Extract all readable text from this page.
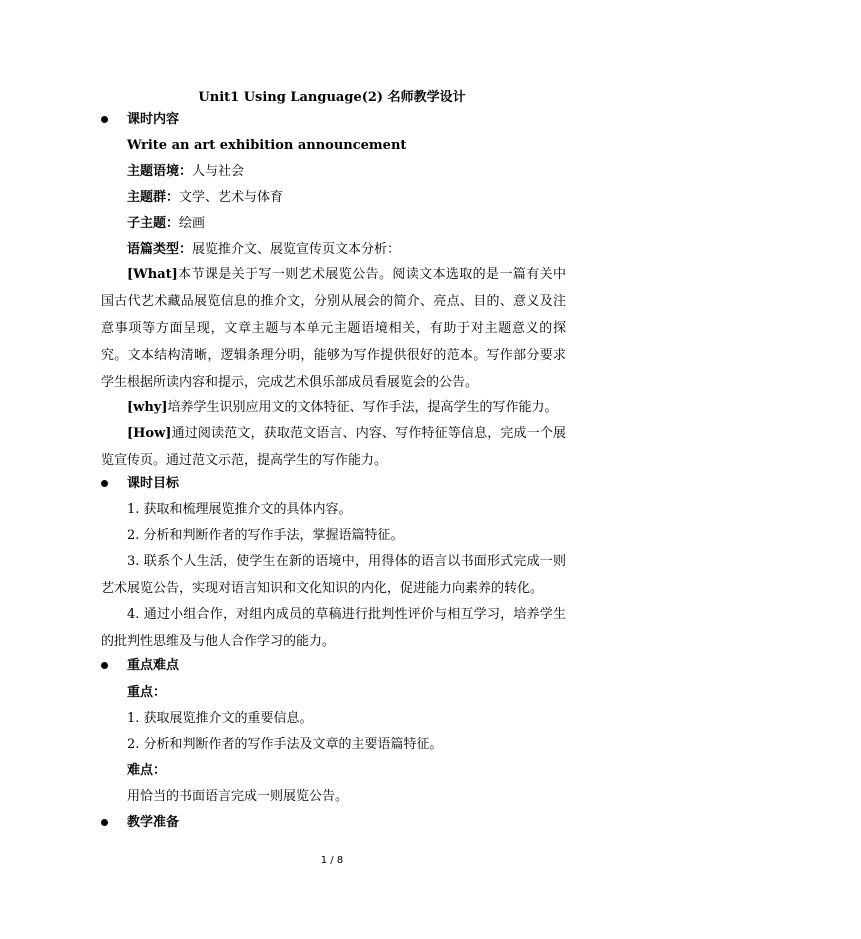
Unit1 Using Language(2) 名师教学设计
课时内容
Write an art exhibition announcement
主题语境：人与社会
主题群：文学、艺术与体育
子主题：绘画
语篇类型：展览推介文、展览宣传页文本分析：
[What]本节课是关于写一则艺术展览公告。阅读文本选取的是一篇有关中国古代艺术藏品展览信息的推介文，分别从展会的简介、亮点、目的、意义及注意事项等方面呈现，文章主题与本单元主题语境相关，有助于对主题意义的探究。文本结构清晰，逻辑条理分明，能够为写作提供很好的范本。写作部分要求学生根据所读内容和提示，完成艺术俱乐部成员看展览会的公告。
[why]培养学生识别应用文的文体特征、写作手法，提高学生的写作能力。
[How]通过阅读范文，获取范文语言、内容、写作特征等信息，完成一个展览宣传页。通过范文示范，提高学生的写作能力。
课时目标
1. 获取和梳理展览推介文的具体内容。
2. 分析和判断作者的写作手法，掌握语篇特征。
3. 联系个人生活，使学生在新的语境中，用得体的语言以书面形式完成一则艺术展览公告，实现对语言知识和文化知识的内化，促进能力向素养的转化。
4. 通过小组合作，对组内成员的草稿进行批判性评价与相互学习，培养学生的批判性思维及与他人合作学习的能力。
重点难点
重点：
1. 获取展览推介文的重要信息。
2. 分析和判断作者的写作手法及文章的主要语篇特征。
难点：
用恰当的书面语言完成一则展览公告。
教学准备
1 / 8
